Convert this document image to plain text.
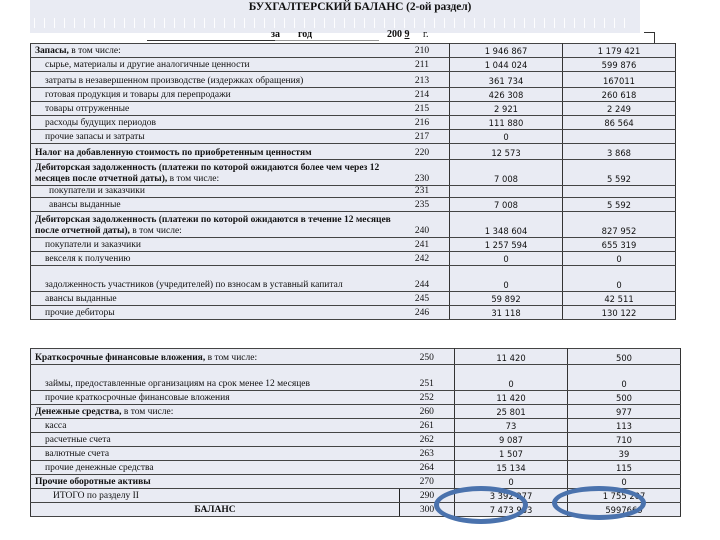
БУХГАЛТЕРСКИЙ БАЛАНС (2-ой раздел)
за год	200 9 г.
Запасы, в том числе:	210	1 946 867	1 179 421
сырье, материалы и другие аналогичные ценности	211	1 044 024	599 876
затраты в незавершенном производстве (издержках обращения)	213	361 734	167011
готовая продукция и товары для перепродажи	214	426 308	260 618
товары отгруженные	215	2 921	2 249
расходы будущих периодов	216	111 880	86 564
прочие запасы и затраты	217	0	
Налог на добавленную стоимость по приобретенным ценностям	220	12 573	3 868
Дебиторская задолженность (платежи по которой ожидаются более чем через 12 месяцев после отчетной даты), в том числе:	230	7 008	5 592
покупатели и заказчики	231		
авансы выданные	235	7 008	5 592
Дебиторская задолженность (платежи по которой ожидаются в течение 12 месяцев после отчетной даты), в том числе:	240	1 348 604	827 952
покупатели и заказчики	241	1 257 594	655 319
векселя к получению	242	0	0
задолженность участников (учредителей) по взносам в уставный капитал	244	0	0
авансы выданные	245	59 892	42 511
прочие дебиторы	246	31 118	130 122
Краткосрочные финансовые вложения, в том числе:	250	11 420	500
займы, предоставленные организациям на срок менее 12 месяцев	251	0	0
прочие краткосрочные финансовые вложения	252	11 420	500
Денежные средства, в том числе:	260	25 801	977
касса	261	73	113
расчетные счета	262	9 087	710
валютные счета	263	1 507	39
прочие денежные средства	264	15 134	115
Прочие оборотные активы	270	0	0
ИТОГО по разделу II	290	3 392 277	1 755 207
БАЛАНС	300	7 473 983	5997669
